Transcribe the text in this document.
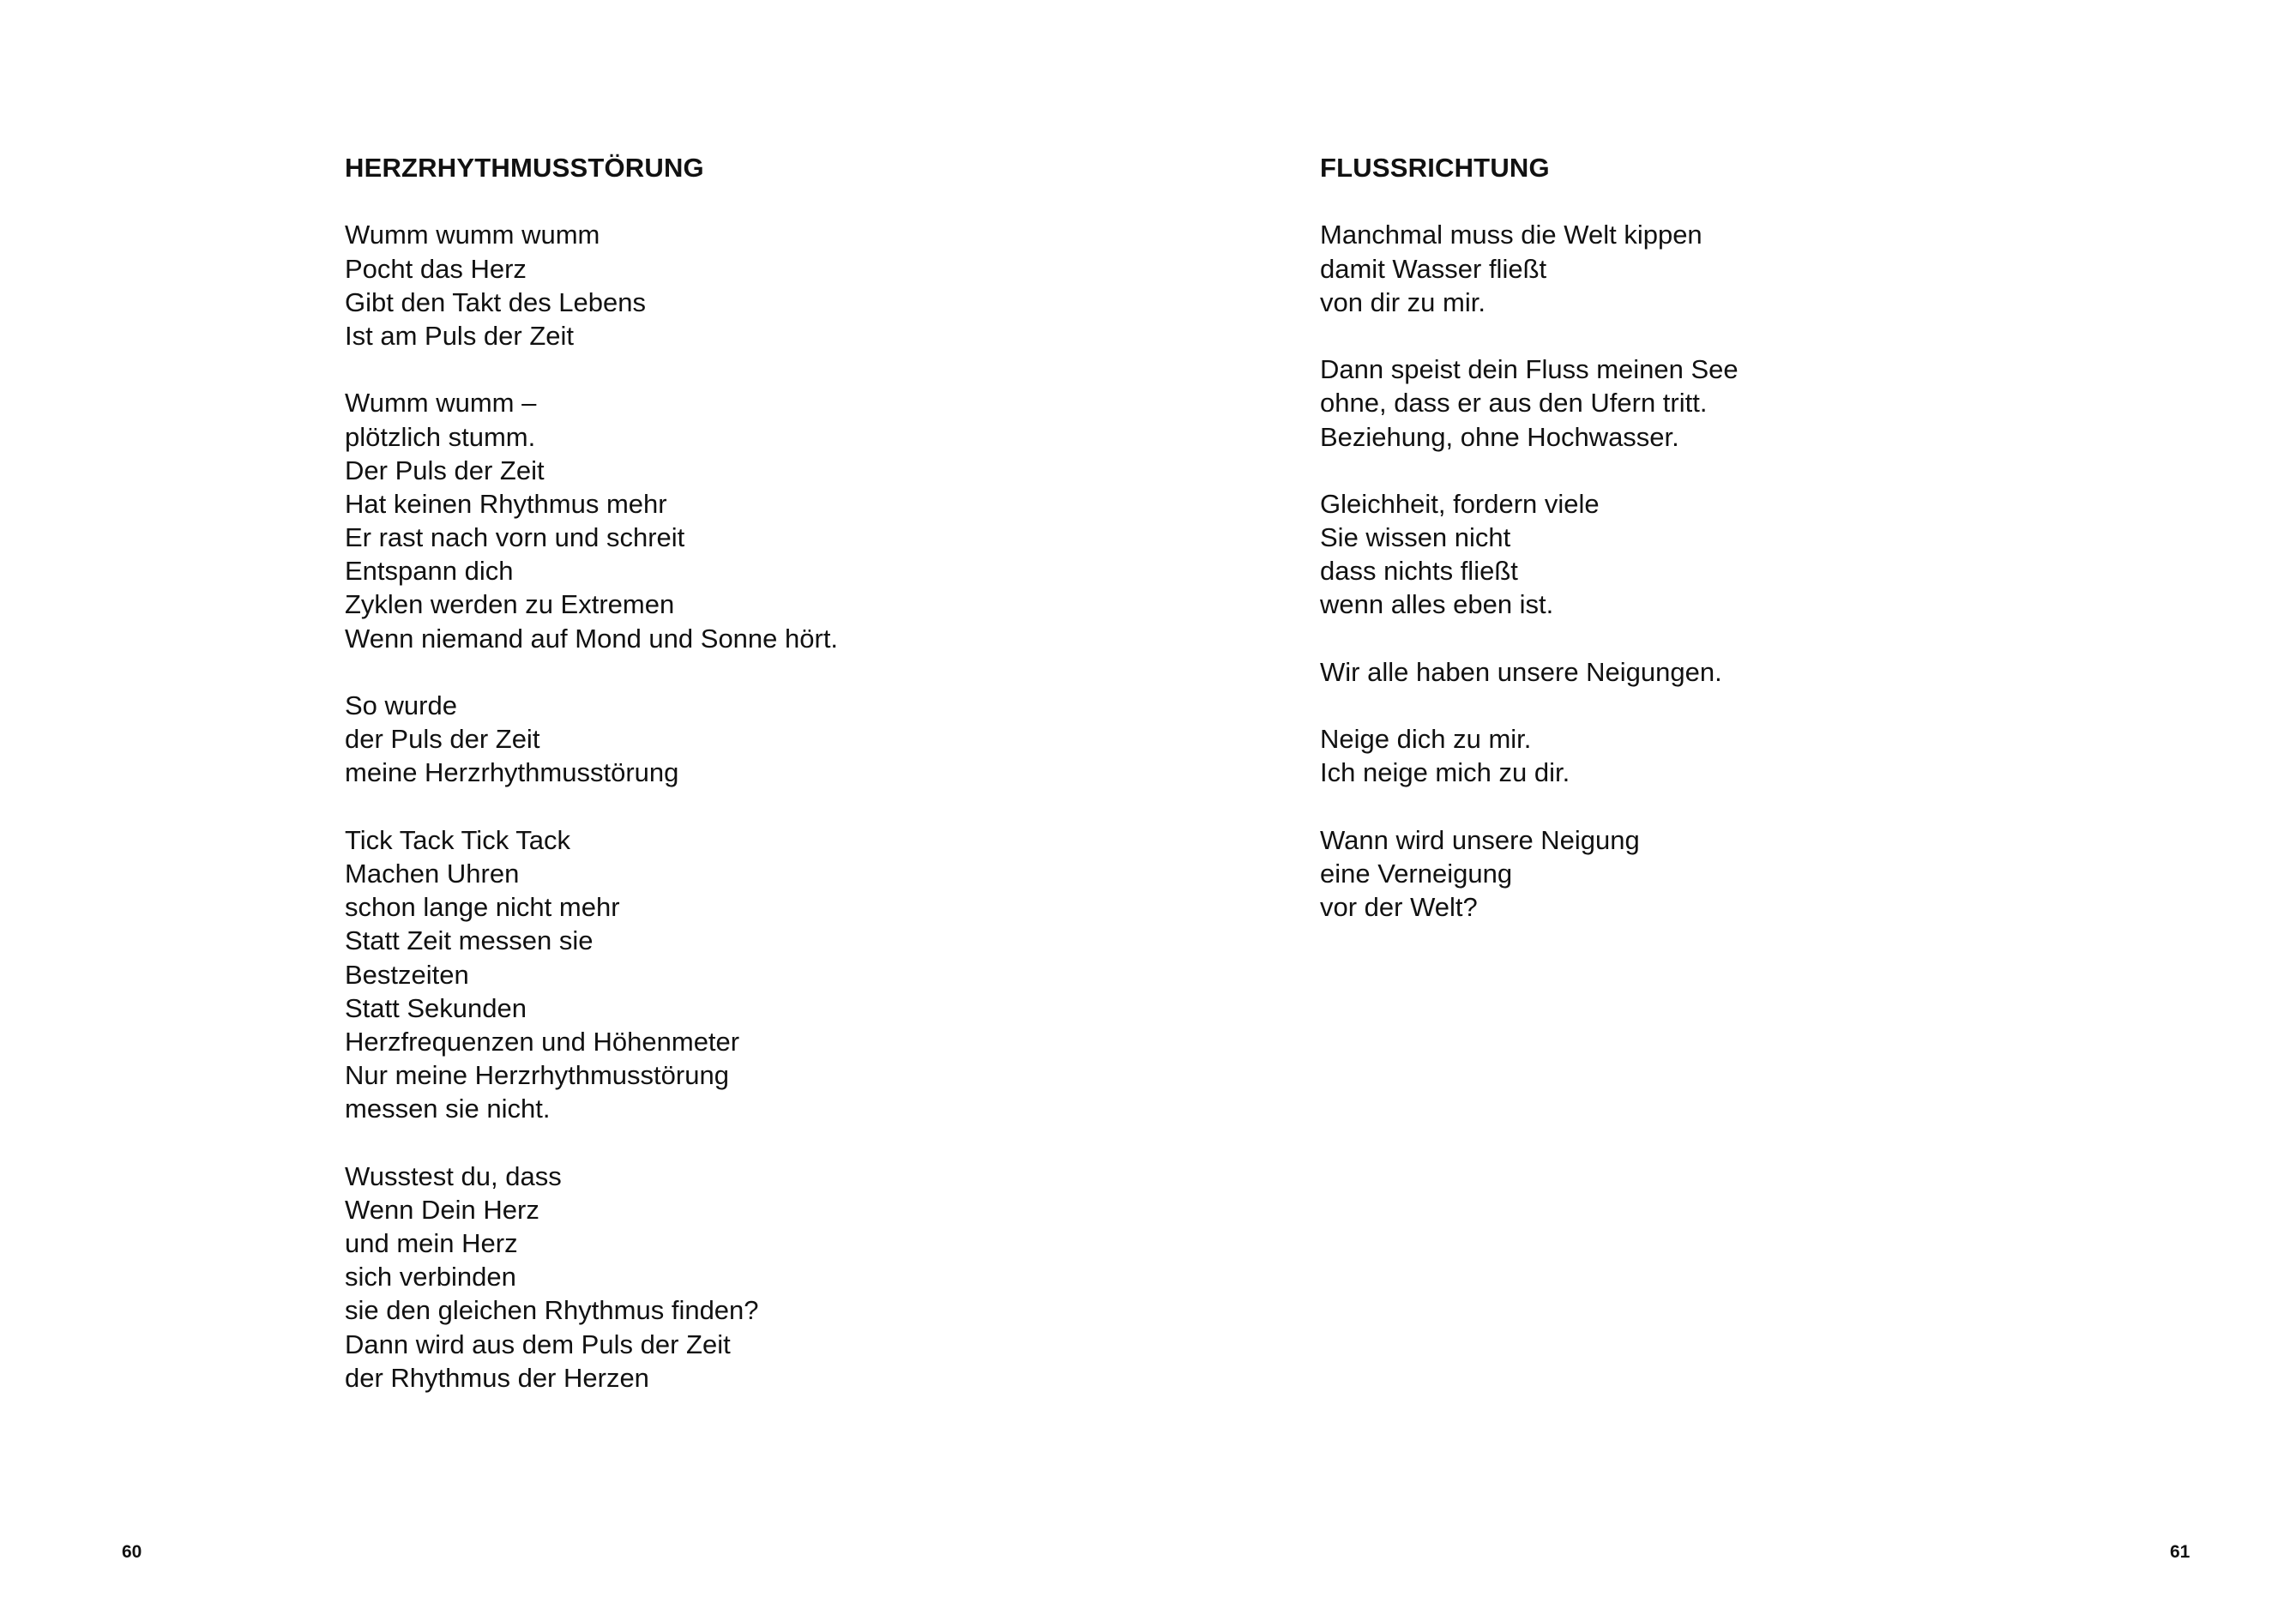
HERZRHYTHMUSSTÖRUNG
Wumm wumm wumm
Pocht das Herz
Gibt den Takt des Lebens
Ist am Puls der Zeit
Wumm wumm –
plötzlich stumm.
Der Puls der Zeit
Hat keinen Rhythmus mehr
Er rast nach vorn und schreit
Entspann dich
Zyklen werden zu Extremen
Wenn niemand auf Mond und Sonne hört.
So wurde
der Puls der Zeit
meine Herzrhythmusstörung
Tick Tack Tick Tack
Machen Uhren
schon lange nicht mehr
Statt Zeit messen sie
Bestzeiten
Statt Sekunden
Herzfrequenzen und Höhenmeter
Nur meine Herzrhythmusstörung
messen sie nicht.
Wusstest du, dass
Wenn Dein Herz
und mein Herz
sich verbinden
sie den gleichen Rhythmus finden?
Dann wird aus dem Puls der Zeit
der Rhythmus der Herzen
60
FLUSSRICHTUNG
Manchmal muss die Welt kippen
damit Wasser fließt
von dir zu mir.
Dann speist dein Fluss meinen See
ohne, dass er aus den Ufern tritt.
Beziehung, ohne Hochwasser.
Gleichheit, fordern viele
Sie wissen nicht
dass nichts fließt
wenn alles eben ist.
Wir alle haben unsere Neigungen.
Neige dich zu mir.
Ich neige mich zu dir.
Wann wird unsere Neigung
eine Verneigung
vor der Welt?
61
